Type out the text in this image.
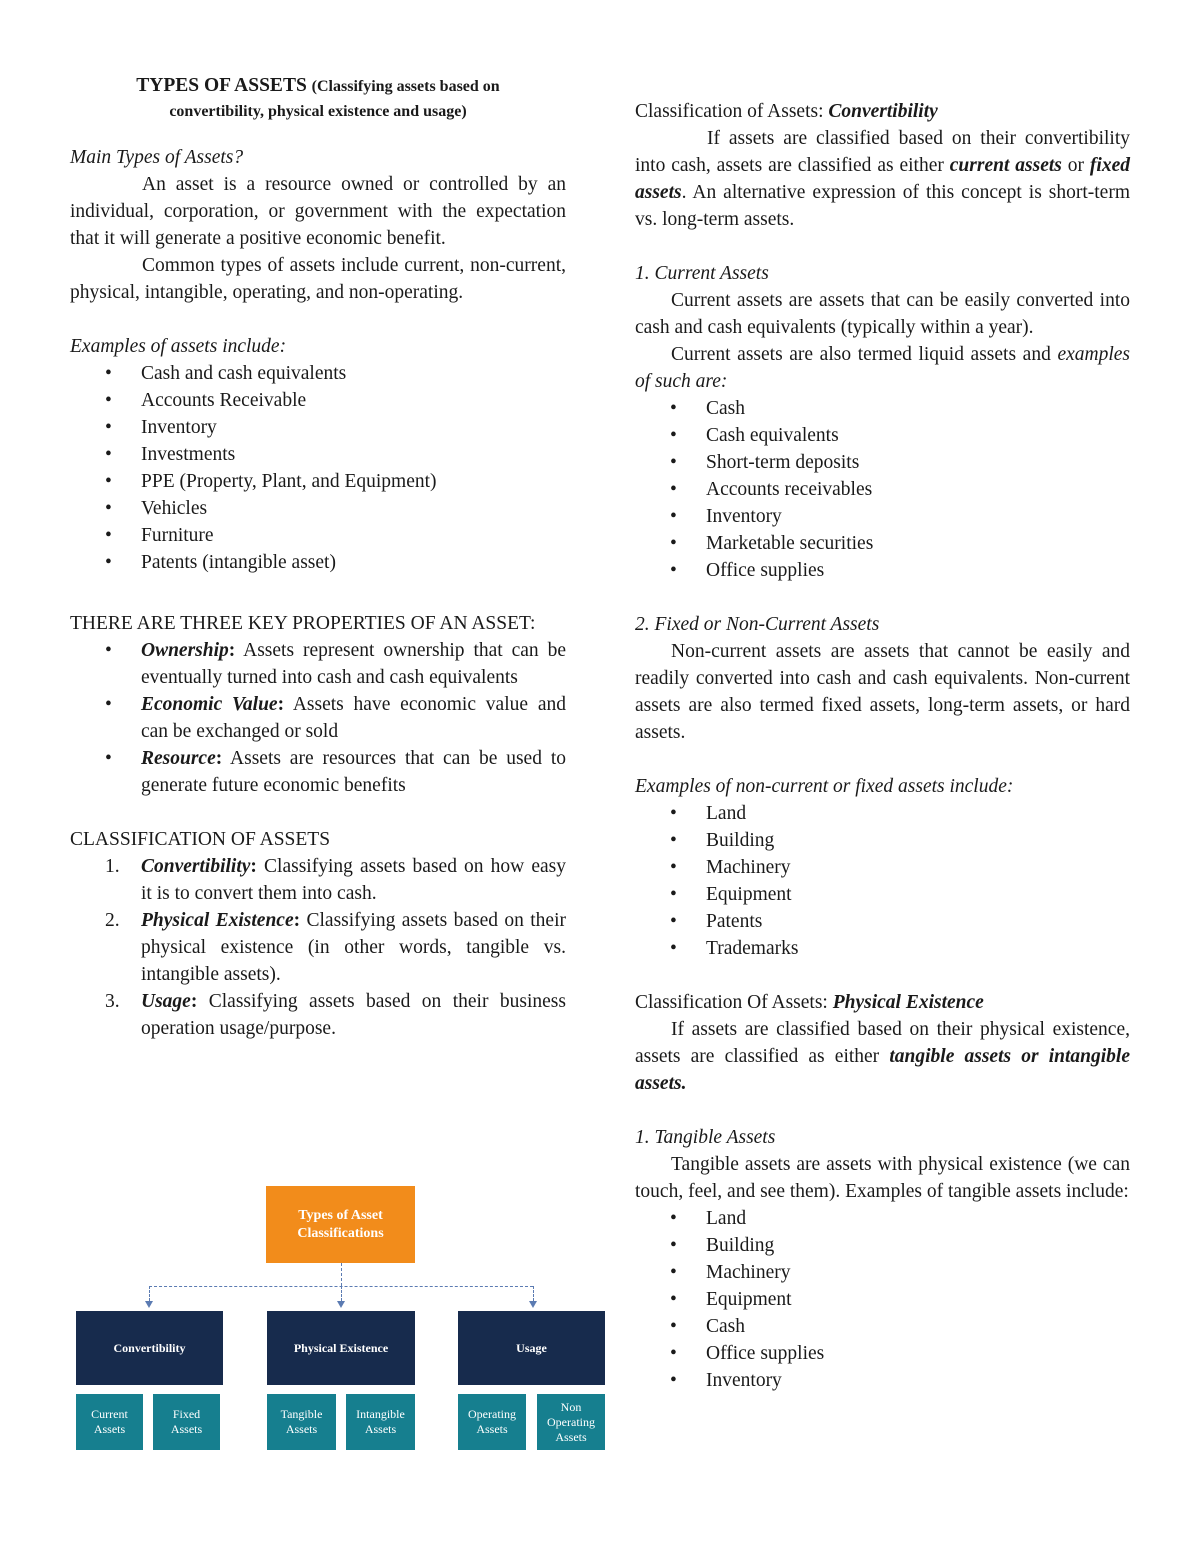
TYPES OF ASSETS (Classifying assets based on
convertibility, physical existence and usage)

Main Types of Assets?

An asset is a resource owned or controlled by an individual, corporation, or government with the expectation that it will generate a positive economic benefit.

Common types of assets include current, non-current, physical, intangible, operating, and non-operating.

Examples of assets include:

• Cash and cash equivalents
• Accounts Receivable
• Inventory
• Investments
• PPE (Property, Plant, and Equipment)
• Vehicles
• Furniture
• Patents (intangible asset)

THERE ARE THREE KEY PROPERTIES OF AN ASSET:

• Ownership: Assets represent ownership that can be eventually turned into cash and cash equivalents
• Economic Value: Assets have economic value and can be exchanged or sold
• Resource: Assets are resources that can be used to generate future economic benefits

CLASSIFICATION OF ASSETS

1. Convertibility: Classifying assets based on how easy it is to convert them into cash.
2. Physical Existence: Classifying assets based on their physical existence (in other words, tangible vs. intangible assets).
3. Usage: Classifying assets based on their business operation usage/purpose.
Types of Asset
Classifications
Convertibility	Physical Existence	Usage
Current
Assets
Fixed
Assets
Tangible
Assets
Intangible
Assets
Operating
Assets
Non
Operating
Assets

Classification of Assets: Convertibility

If assets are classified based on their convertibility into cash, assets are classified as either current assets or fixed assets. An alternative expression of this concept is short-term vs. long-term assets.

1. Current Assets

Current assets are assets that can be easily converted into cash and cash equivalents (typically within a year).

Current assets are also termed liquid assets and examples of such are:

• Cash
• Cash equivalents
• Short-term deposits
• Accounts receivables
• Inventory
• Marketable securities
• Office supplies

2. Fixed or Non-Current Assets

Non-current assets are assets that cannot be easily and readily converted into cash and cash equivalents. Non-current assets are also termed fixed assets, long-term assets, or hard assets.

Examples of non-current or fixed assets include:

• Land
• Building
• Machinery
• Equipment
• Patents
• Trademarks

Classification Of Assets: Physical Existence

If assets are classified based on their physical existence, assets are classified as either tangible assets or intangible assets.

1. Tangible Assets

Tangible assets are assets with physical existence (we can touch, feel, and see them). Examples of tangible assets include:

• Land
• Building
• Machinery
• Equipment
• Cash
• Office supplies
• Inventory
